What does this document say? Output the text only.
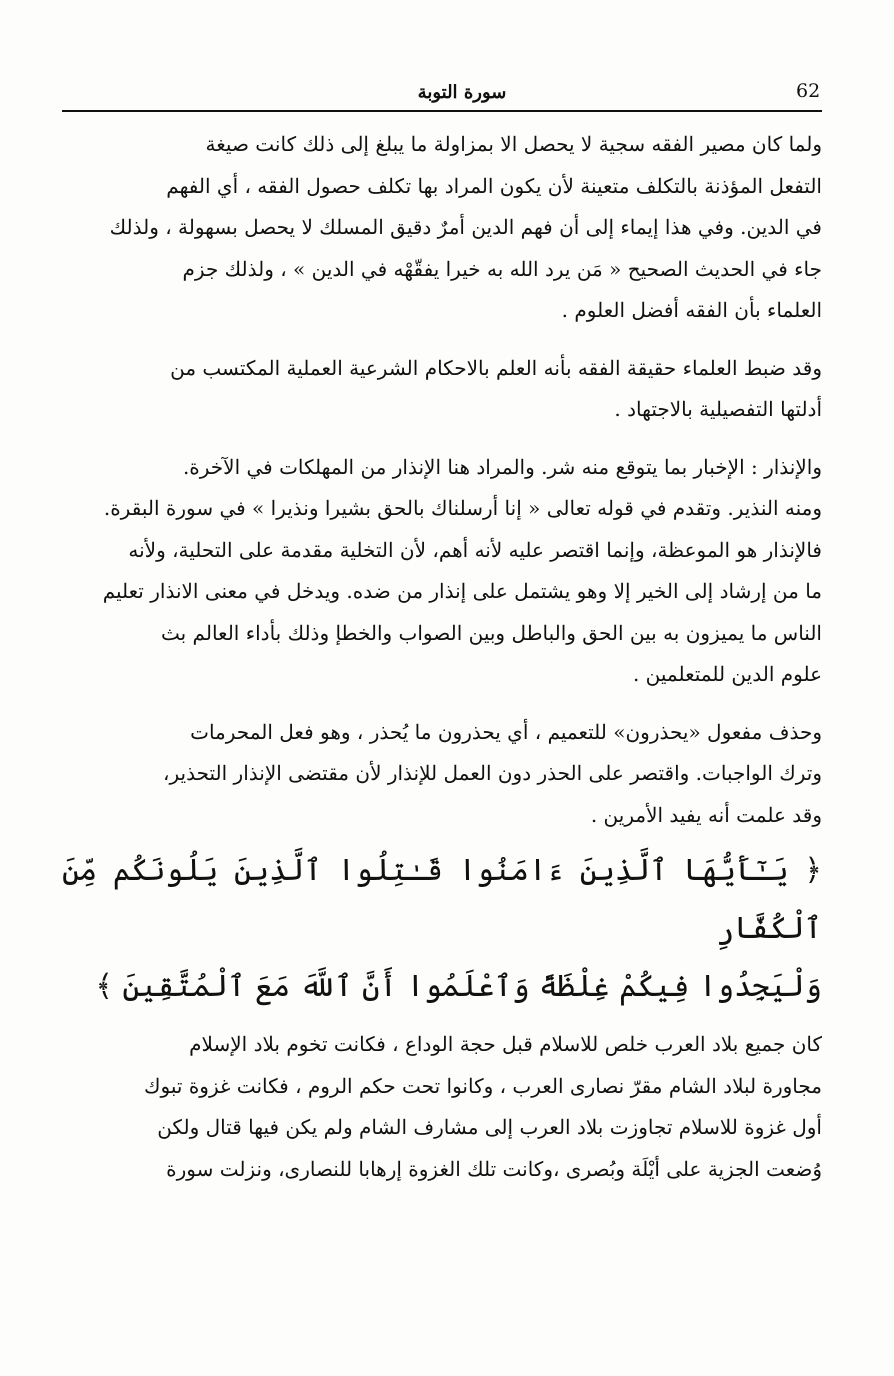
62
سورة التوبة

ولما كان مصير الفقه سجية لا يحصل الا بمزاولة ما يبلغ إلى ذلك كانت صيغة

التفعل المؤذنة بالتكلف متعينة لأن يكون المراد بها تكلف حصول الفقه ، أي الفهم

في الدين. وفي هذا إيماء إلى أن فهم الدين أمرٌ دقيق المسلك لا يحصل بسهولة ، ولذلك

جاء في الحديث الصحيح « مَن يرد الله به خيرا يفقّهْه في الدين » ، ولذلك جزم

العلماء بأن الفقه أفضل العلوم .

وقد ضبط العلماء حقيقة الفقه بأنه العلم بالاحكام الشرعية العملية المكتسب من

أدلتها التفصيلية بالاجتهاد .

والإنذار : الإخبار بما يتوقع منه شر. والمراد هنا الإنذار من المهلكات في الآخرة.

ومنه النذير. وتقدم في قوله تعالى « إنا أرسلناك بالحق بشيرا ونذيرا » في سورة البقرة.

فالإنذار هو الموعظة، وإنما اقتصر عليه لأنه أهم، لأن التخلية مقدمة على التحلية، ولأنه

ما من إرشاد إلى الخير إلا وهو يشتمل على إنذار من ضده. ويدخل في معنى الانذار تعليم

الناس ما يميزون به بين الحق والباطل وبين الصواب والخطإ وذلك بأداء العالم بث

علوم الدين للمتعلمين .

وحذف مفعول «يحذرون» للتعميم ، أي يحذرون ما يُحذر ، وهو فعل المحرمات

وترك الواجبات. واقتصر على الحذر دون العمل للإنذار لأن مقتضى الإنذار التحذير،

وقد علمت أنه يفيد الأمرين .

﴿ يَـٰٓأَيُّهَا ٱلَّذِينَ ءَامَنُوا قَـٰتِلُوا ٱلَّذِينَ يَلُونَكُم مِّنَ ٱلْكُفَّارِ

وَلْيَجِدُوا فِيكُمْ غِلْظَةً وَٱعْلَمُوا أَنَّ ٱللَّهَ مَعَ ٱلْمُتَّقِينَ ﴾

كان جميع بلاد العرب خلص للاسلام قبل حجة الوداع ، فكانت تخوم بلاد الإسلام

مجاورة لبلاد الشام مقرّ نصارى العرب ، وكانوا تحت حكم الروم ، فكانت غزوة تبوك

أول غزوة للاسلام تجاوزت بلاد العرب إلى مشارف الشام ولم يكن فيها قتال ولكن

وُضعت الجزية على أيْلَة وبُصرى ،وكانت تلك الغزوة إرهابا للنصارى، ونزلت سورة
